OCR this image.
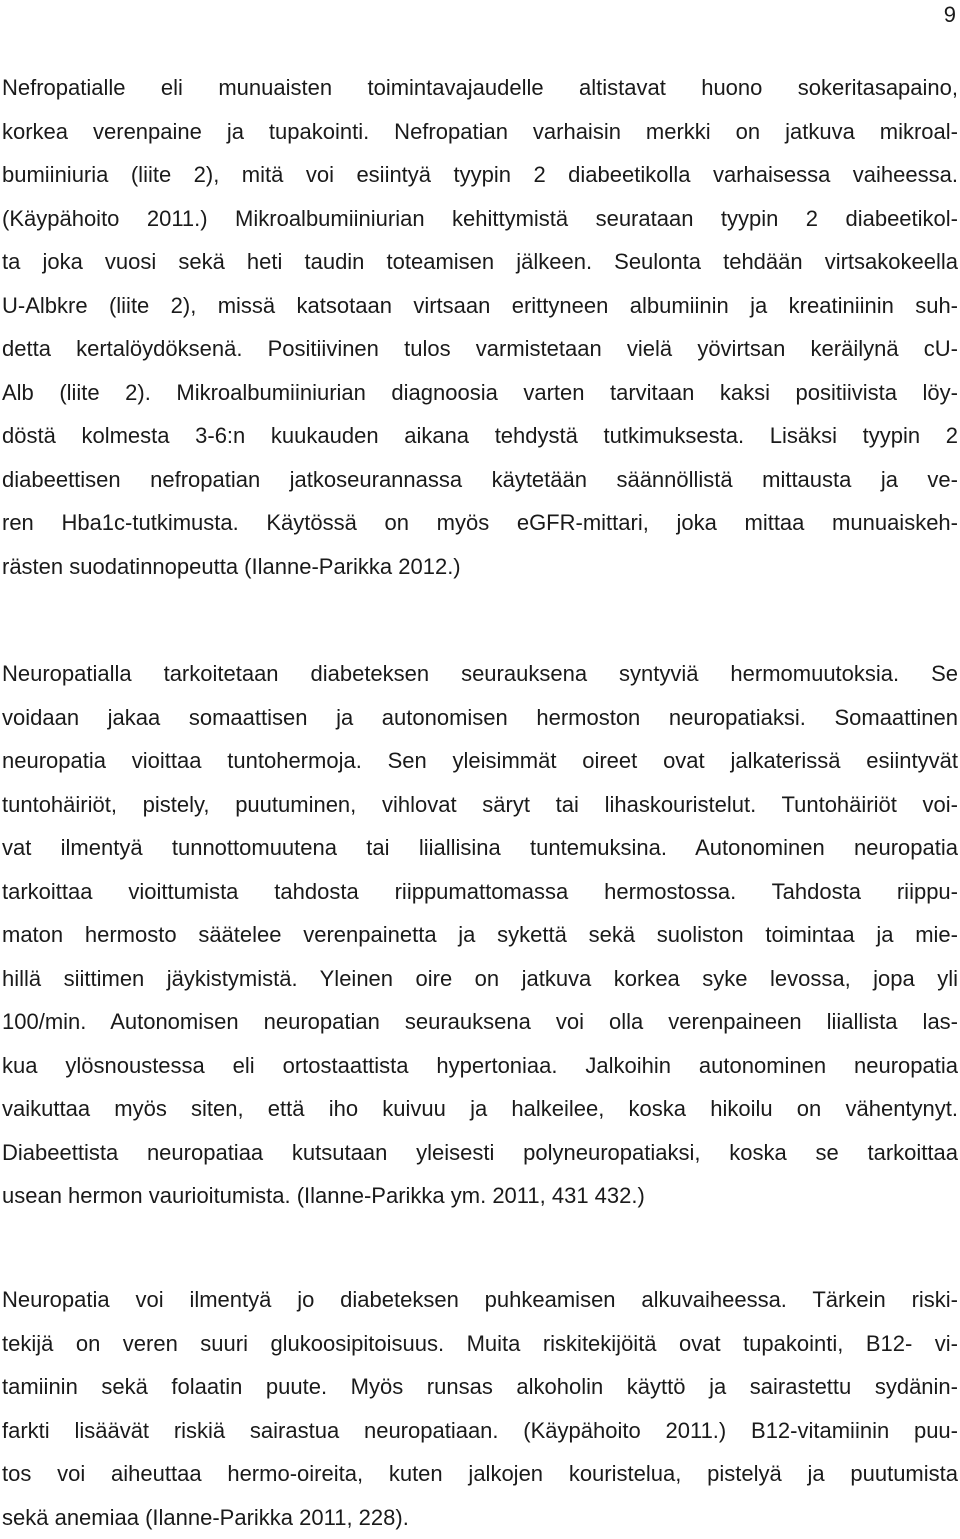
9
Nefropatialle eli munuaisten toimintavajaudelle altistavat huono sokeritasapaino,
korkea verenpaine ja tupakointi. Nefropatian varhaisin merkki on jatkuva mikroal-
bumiiniuria (liite 2), mitä voi esiintyä tyypin 2 diabeetikolla varhaisessa vaiheessa.
(Käypähoito 2011.) Mikroalbumiiniurian kehittymistä seurataan tyypin 2 diabeetikol-
ta joka vuosi sekä heti taudin toteamisen jälkeen. Seulonta tehdään virtsakokeella
U-Albkre (liite 2), missä katsotaan virtsaan erittyneen albumiinin ja kreatiniinin suh-
detta kertalöydöksenä. Positiivinen tulos varmistetaan vielä yövirtsan keräilynä cU-
Alb (liite 2). Mikroalbumiiniurian diagnoosia varten tarvitaan kaksi positiivista löy-
döstä kolmesta 3-6:n kuukauden aikana tehdystä tutkimuksesta. Lisäksi tyypin 2
diabeettisen nefropatian jatkoseurannassa käytetään säännöllistä mittausta ja ve-
ren Hba1c-tutkimusta. Käytössä on myös eGFR-mittari, joka mittaa munuaiskeh-
rästen suodatinnopeutta (Ilanne-Parikka 2012.)
Neuropatialla tarkoitetaan diabeteksen seurauksena syntyviä hermomuutoksia. Se
voidaan jakaa somaattisen ja autonomisen hermoston neuropatiaksi. Somaattinen
neuropatia vioittaa tuntohermoja. Sen yleisimmät oireet ovat jalkaterissä esiintyvät
tuntohäiriöt, pistely, puutuminen, vihlovat säryt tai lihaskouristelut. Tuntohäiriöt voi-
vat ilmentyä tunnottomuutena tai liiallisina tuntemuksina. Autonominen neuropatia
tarkoittaa vioittumista tahdosta riippumattomassa hermostossa. Tahdosta riippu-
maton hermosto säätelee verenpainetta ja sykettä sekä suoliston toimintaa ja mie-
hillä siittimen jäykistymistä. Yleinen oire on jatkuva korkea syke levossa, jopa yli
100/min. Autonomisen neuropatian seurauksena voi olla verenpaineen liiallista las-
kua ylösnoustessa eli ortostaattista hypertoniaa. Jalkoihin autonominen neuropatia
vaikuttaa myös siten, että iho kuivuu ja halkeilee, koska hikoilu on vähentynyt.
Diabeettista neuropatiaa kutsutaan yleisesti polyneuropatiaksi, koska se tarkoittaa
usean hermon vaurioitumista. (Ilanne-Parikka ym. 2011, 431 432.)
Neuropatia voi ilmentyä jo diabeteksen puhkeamisen alkuvaiheessa. Tärkein riski-
tekijä on veren suuri glukoosipitoisuus. Muita riskitekijöitä ovat tupakointi, B12- vi-
tamiinin sekä folaatin puute. Myös runsas alkoholin käyttö ja sairastettu sydänin-
farkti lisäävät riskiä sairastua neuropatiaan. (Käypähoito 2011.) B12-vitamiinin puu-
tos voi aiheuttaa hermo-oireita, kuten jalkojen kouristelua, pistelyä ja puutumista
sekä anemiaa (Ilanne-Parikka 2011, 228).
